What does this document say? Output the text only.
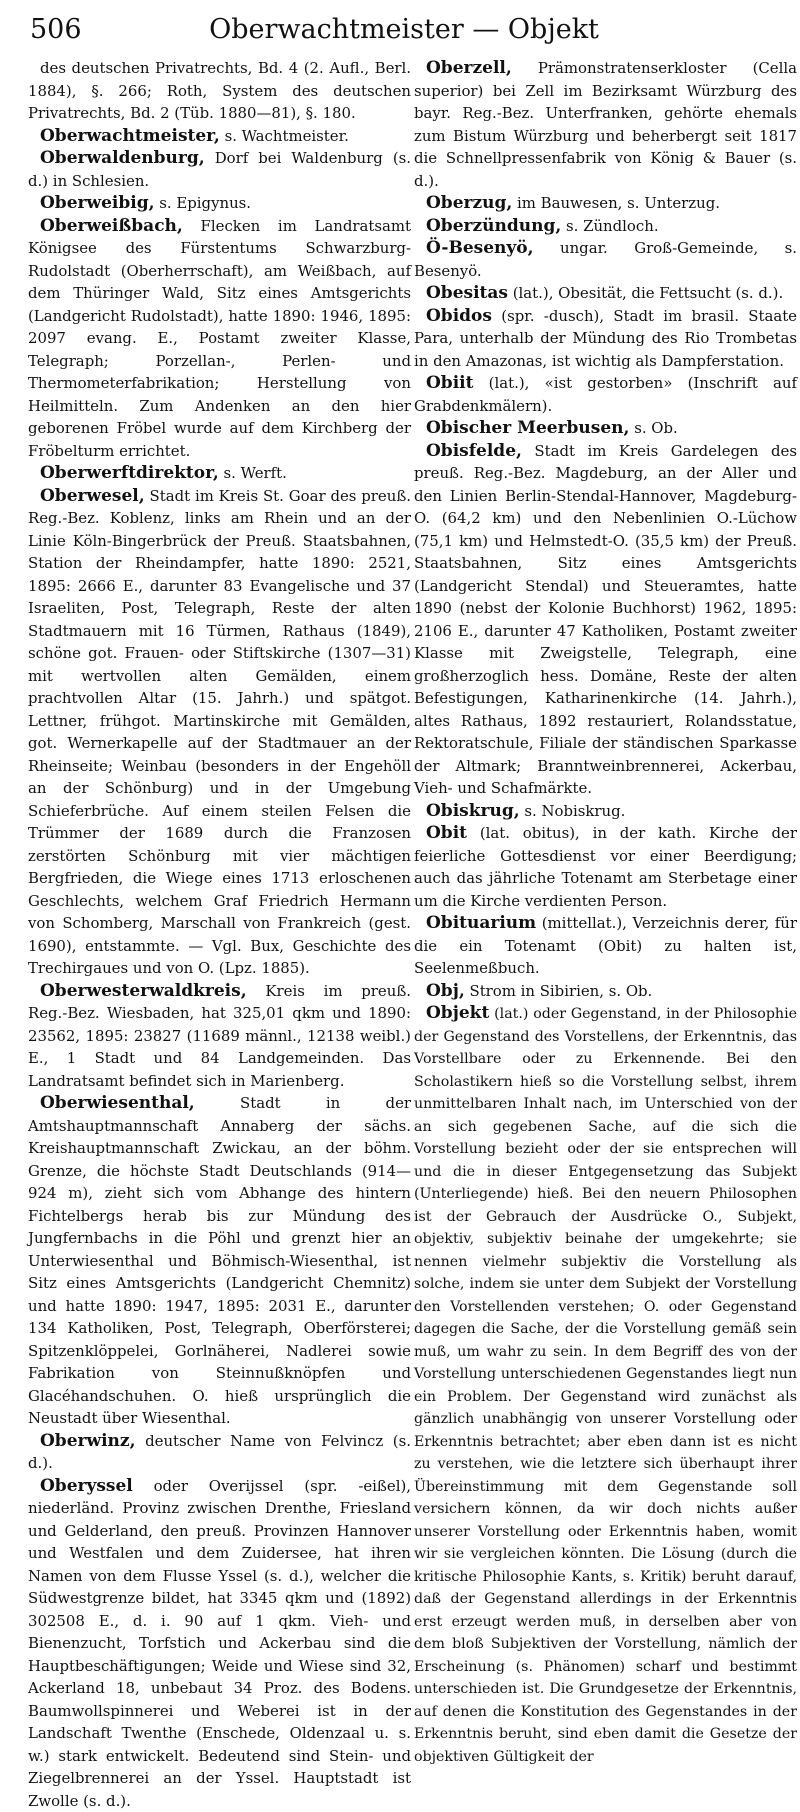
506	Oberwachtmeister — Objekt

des deutschen Privatrechts, Bd. 4 (2. Aufl., Berl. 1884), §. 266; Roth, System des deutschen Privatrechts, Bd. 2 (Tüb. 1880—81), §. 180.

Oberwachtmeister, s. Wachtmeister.

Oberwaldenburg, Dorf bei Waldenburg (s. d.) in Schlesien.

Oberweibig, s. Epigynus.

Oberweißbach, Flecken im Landratsamt Königsee des Fürstentums Schwarzburg-Rudolstadt (Oberherrschaft), am Weißbach, auf dem Thüringer Wald, Sitz eines Amtsgerichts (Landgericht Rudolstadt), hatte 1890: 1946, 1895: 2097 evang. E., Postamt zweiter Klasse, Telegraph; Porzellan-, Perlen- und Thermometerfabrikation; Herstellung von Heilmitteln. Zum Andenken an den hier geborenen Fröbel wurde auf dem Kirchberg der Fröbelturm errichtet.

Oberwerftdirektor, s. Werft.

Oberwesel, Stadt im Kreis St. Goar des preuß. Reg.-Bez. Koblenz, links am Rhein und an der Linie Köln-Bingerbrück der Preuß. Staatsbahnen, Station der Rheindampfer, hatte 1890: 2521, 1895: 2666 E., darunter 83 Evangelische und 37 Israeliten, Post, Telegraph, Reste der alten Stadtmauern mit 16 Türmen, Rathaus (1849), schöne got. Frauen- oder Stiftskirche (1307—31) mit wertvollen alten Gemälden, einem prachtvollen Altar (15. Jahrh.) und spätgot. Lettner, frühgot. Martinskirche mit Gemälden, got. Wernerkapelle auf der Stadtmauer an der Rheinseite; Weinbau (besonders in der Engehöll an der Schönburg) und in der Umgebung Schieferbrüche. Auf einem steilen Felsen die Trümmer der 1689 durch die Franzosen zerstörten Schönburg mit vier mächtigen Bergfrieden, die Wiege eines 1713 erloschenen Geschlechts, welchem Graf Friedrich Hermann von Schomberg, Marschall von Frankreich (gest. 1690), entstammte. — Vgl. Bux, Geschichte des Trechirgaues und von O. (Lpz. 1885).

Oberwesterwaldkreis, Kreis im preuß. Reg.-Bez. Wiesbaden, hat 325,01 qkm und 1890: 23562, 1895: 23827 (11689 männl., 12138 weibl.) E., 1 Stadt und 84 Landgemeinden. Das Landratsamt befindet sich in Marienberg.

Oberwiesenthal,	Stadt in der Amtshauptmannschaft Annaberg der sächs. Kreishauptmannschaft Zwickau, an der böhm. Grenze, die höchste Stadt Deutschlands (914—924 m), zieht sich vom Abhange des hintern Fichtelbergs herab bis zur Mündung des Jungfernbachs in die Pöhl und grenzt hier an Unterwiesenthal und Böhmisch-Wiesenthal, ist Sitz eines Amtsgerichts (Landgericht Chemnitz) und hatte 1890: 1947, 1895: 2031 E., darunter 134 Katholiken, Post, Telegraph, Oberförsterei; Spitzenklöppelei, Gorlnäherei, Nadlerei sowie Fabrikation von Steinnußknöpfen und Glacéhandschuhen. O. hieß ursprünglich die Neustadt über Wiesenthal.

Oberwinz, deutscher Name von Felvincz (s. d.).

Oberyssel oder Overijssel (spr. -eißel), niederländ. Provinz zwischen Drenthe, Friesland und Gelderland, den preuß. Provinzen Hannover und Westfalen und dem Zuidersee, hat ihren Namen von dem Flusse Yssel (s. d.), welcher die Südwestgrenze bildet, hat 3345 qkm und (1892) 302508 E., d. i. 90 auf 1 qkm. Vieh- und Bienenzucht, Torfstich und Ackerbau sind die Hauptbeschäftigungen; Weide und Wiese sind 32, Ackerland 18, unbebaut 34 Proz. des Bodens. Baumwollspinnerei und Weberei ist in der Landschaft Twenthe (Enschede, Oldenzaal u. s. w.) stark entwickelt. Bedeutend sind Stein- und Ziegelbrennerei an der Yssel. Hauptstadt ist Zwolle (s. d.).

Oberzell, Prämonstratenserkloster (Cella superior) bei Zell im Bezirksamt Würzburg des bayr. Reg.-Bez. Unterfranken, gehörte ehemals zum Bistum Würzburg und beherbergt seit 1817 die Schnellpressenfabrik von König & Bauer (s. d.).

Oberzug, im Bauwesen, s. Unterzug.

Oberzündung, s. Zündloch.

Ö-Besenyö, ungar. Groß-Gemeinde, s. Besenyö.

Obesitas (lat.), Obesität, die Fettsucht (s. d.).

Obidos (spr. -dusch), Stadt im brasil. Staate Para, unterhalb der Mündung des Rio Trombetas in den Amazonas, ist wichtig als Dampferstation.

Obiit (lat.), «ist gestorben» (Inschrift auf Grabdenkmälern).

Obischer Meerbusen, s. Ob.

Obisfelde, Stadt im Kreis Gardelegen des preuß. Reg.-Bez. Magdeburg, an der Aller und den Linien Berlin-Stendal-Hannover, Magdeburg-O. (64,2 km) und den Nebenlinien O.-Lüchow (75,1 km) und Helmstedt-O. (35,5 km) der Preuß. Staatsbahnen, Sitz eines Amtsgerichts (Landgericht Stendal) und Steueramtes, hatte 1890 (nebst der Kolonie Buchhorst) 1962, 1895: 2106 E., darunter 47 Katholiken, Postamt zweiter Klasse mit Zweigstelle, Telegraph, eine großherzoglich hess. Domäne, Reste der alten Befestigungen, Katharinenkirche (14. Jahrh.), altes Rathaus, 1892 restauriert, Rolandsstatue, Rektoratschule, Filiale der ständischen Sparkasse der Altmark; Branntweinbrennerei, Ackerbau, Vieh- und Schafmärkte.

Obiskrug, s. Nobiskrug.

Obit (lat. obitus), in der kath. Kirche der feierliche Gottesdienst vor einer Beerdigung; auch das jährliche Totenamt am Sterbetage einer um die Kirche verdienten Person.

Obituarium (mittellat.), Verzeichnis derer, für die ein Totenamt (Obit) zu halten ist, Seelenmeßbuch.

Obj, Strom in Sibirien, s. Ob.

Objekt (lat.) oder Gegenstand, in der Philosophie der Gegenstand des Vorstellens, der Erkenntnis, das Vorstellbare oder zu Erkennende. Bei den Scholastikern hieß so die Vorstellung selbst, ihrem unmittelbaren Inhalt nach, im Unterschied von der an sich gegebenen Sache, auf die sich die Vorstellung bezieht oder der sie entsprechen will und die in dieser Entgegensetzung das Subjekt (Unterliegende) hieß. Bei den neuern Philosophen ist der Gebrauch der Ausdrücke O., Subjekt, objektiv, subjektiv beinahe der umgekehrte; sie nennen vielmehr subjektiv die Vorstellung als solche, indem sie unter dem Subjekt der Vorstellung den Vorstellenden verstehen; O. oder Gegenstand dagegen die Sache, der die Vorstellung gemäß sein muß, um wahr zu sein. In dem Begriff des von der Vorstellung unterschiedenen Gegenstandes liegt nun ein Problem. Der Gegenstand wird zunächst als gänzlich unabhängig von unserer Vorstellung oder Erkenntnis betrachtet; aber eben dann ist es nicht zu verstehen, wie die letztere sich überhaupt ihrer Übereinstimmung mit dem Gegenstande soll versichern können, da wir doch nichts außer unserer Vorstellung oder Erkenntnis haben, womit wir sie vergleichen könnten. Die Lösung (durch die kritische Philosophie Kants, s. Kritik) beruht darauf, daß der Gegenstand allerdings in der Erkenntnis erst erzeugt werden muß, in derselben aber von dem bloß Subjektiven der Vorstellung, nämlich der Erscheinung (s. Phänomen) scharf und bestimmt unterschieden ist. Die Grundgesetze der Erkenntnis, auf denen die Konstitution des Gegenstandes in der Erkenntnis beruht, sind eben damit die Gesetze der objektiven Gültigkeit der
